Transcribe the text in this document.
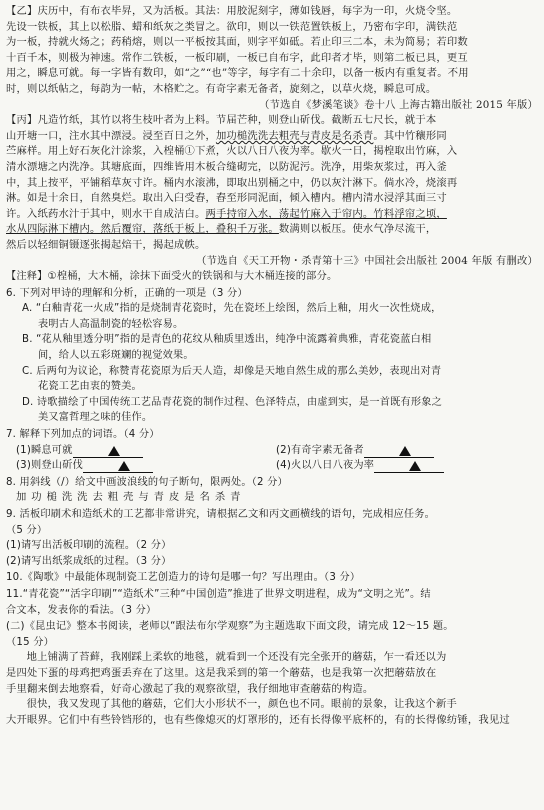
【乙】庆历中，有布衣毕昇，又为活板。其法：用胶泥刻字，薄如钱唇，每字为一印，火烧令坚。

先设一铁板，其上以松脂、蜡和纸灰之类冒之。欲印，则以一铁范置铁板上，乃密布字印，满铁范

为一板，持就火炀之；药稍熔，则以一平板按其面，则字平如砥。若止印三二本，未为简易；若印数

十百千本，则极为神速。常作二铁板，一板印刷，一板已自布字，此印者才毕，则第二板已具，更互

用之，瞬息可就。每一字皆有数印，如“之”“也”等字，每字有二十余印，以备一板内有重复者。不用

时，则以纸帖之，每韵为一帖，木格贮之。有奇字素无备者，旋刻之，以草火烧，瞬息可成。

（节选自《梦溪笔谈》卷十八 上海古籍出版社 2015 年版）

【丙】凡造竹纸，其竹以将生枝叶者为上料。节届芒种，则登山斫伐。截断五七尺长，就于本

山开塘一口，注水其中漂浸。浸至百日之外，加功槌洗洗去粗壳与青皮是名杀青。其中竹穰形同

苎麻样。用上好石灰化汁涂浆，入楻桶①下煮，火以八日八夜为率。歇火一日，揭楻取出竹麻，入

清水漂塘之内洗净。其塘底面，四维皆用木板合缝砌完，以防泥污。洗净，用柴灰浆过，再入釜

中，其上按平，平铺稻草灰寸许。桶内水滚沸，即取出别桶之中，仍以灰汁淋下。倘水冷，烧滚再

淋。如是十余日，自然臭烂。取出入臼受舂，舂至形同泥面，倾入槽内。槽内清水浸浮其面三寸

许。入纸药水汁于其中，则水干自成洁白。两手持帘入水，荡起竹麻入于帘内。竹料浮帘之顷，

水从四际淋下槽内。然后覆帘，落纸于板上，叠积千万张。数满则以板压。使水气净尽流干，

然后以轻细铜镊逐张揭起焙干，揭起成帙。

（节选自《天工开物・杀青第十三》中国社会出版社 2004 年版 有删改）

【注释】①楻桶，大木桶，涂抹下面受火的铁锅和与大木桶连接的部分。

6. 下列对甲诗的理解和分析，正确的一项是（3 分）

A. “白釉青花一火成”指的是烧制青花瓷时，先在瓷坯上绘图，然后上釉，用火一次性烧成，

表明古人高温制瓷的轻松容易。

B. “花从釉里透分明”指的是青色的花纹从釉质里透出，纯净中流露着典雅，青花瓷蓝白相

间，给人以五彩斑斓的视觉效果。

C. 后两句为议论，称赞青花瓷原为后天人造，却像是天地自然生成的那么美妙，表现出对青

花瓷工艺由衷的赞美。

D. 诗歌描绘了中国传统工艺品青花瓷的制作过程、色泽特点，由虚到实，是一首既有形象之

美又富哲理之味的佳作。

7. 解释下列加点的词语。（4 分）

(1)瞬息可就	(2)有奇字素无备者
(3)则登山斫伐	(4)火以八日八夜为率

8. 用斜线（/）给文中画波浪线的句子断句，限两处。（2 分）

加功槌洗洗去粗壳与青皮是名杀青

9. 活板印刷术和造纸术的工艺都非常讲究，请根据乙文和丙文画横线的语句，完成相应任务。

（5 分）

(1)请写出活板印刷的流程。（2 分）

(2)请写出纸浆成纸的过程。（3 分）

10.《陶歌》中最能体现制瓷工艺创造力的诗句是哪一句？写出理由。（3 分）

11.“青花瓷”“活字印刷”“造纸术”三种“中国创造”推进了世界文明进程，成为“文明之光”。结

合文本，发表你的看法。（3 分）

(二)《昆虫记》整本书阅读，老师以“跟法布尔学观察”为主题选取下面文段，请完成 12～15 题。

（15 分）

地上铺满了苔藓，我刚踩上柔软的地毯，就看到一个还没有完全张开的蘑菇，乍一看还以为

是四处下蛋的母鸡把鸡蛋丢弃在了这里。这是我采到的第一个蘑菇，也是我第一次把蘑菇放在

手里翻来倒去地察看，好奇心激起了我的观察欲望，我仔细地审查蘑菇的构造。

很快，我又发现了其他的蘑菇，它们大小形状不一，颜色也不同。眼前的景象，让我这个新手

大开眼界。它们中有些铃铛形的，也有些像熄灭的灯罩形的，还有长得像平底杯的，有的长得像纺锤，我见过
